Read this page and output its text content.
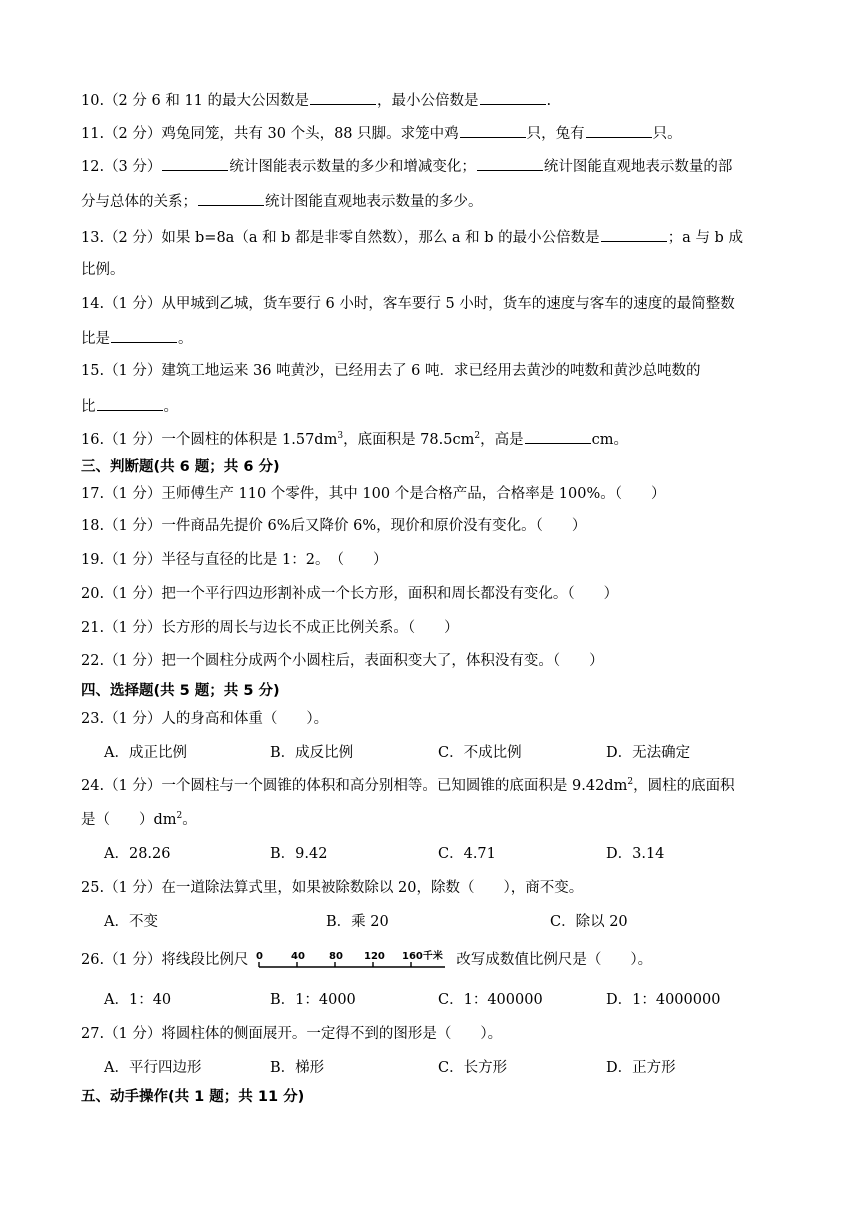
10.（2 分 6 和 11 的最大公因数是	，最小公倍数是	.
11.（2 分）鸡兔同笼，共有 30 个头，88 只脚。求笼中鸡	只，兔有	只。
12.（3 分）	统计图能表示数量的多少和增减变化；	统计图能直观地表示数量的部
分与总体的关系；	统计图能直观地表示数量的多少。
13.（2 分）如果 b=8a（a 和 b 都是非零自然数），那么 a 和 b 的最小公倍数是	；a 与 b 成
比例。
14.（1 分）从甲城到乙城，货车要行 6 小时，客车要行 5 小时，货车的速度与客车的速度的最简整数
比是	。
15.（1 分）建筑工地运来 36 吨黄沙，已经用去了 6 吨．求已经用去黄沙的吨数和黄沙总吨数的
比	。
16.（1 分）一个圆柱的体积是 $1.57dm^3$，底面积是 $78.5cm^2$，高是	cm。
三、判断题(共 6 题；共 6 分)
17.（1 分）王师傅生产 110 个零件，其中 100 个是合格产品，合格率是 100%。（　　）
18.（1 分）一件商品先提价 6%后又降价 6%，现价和原价没有变化。（　　）
19.（1 分）半径与直径的比是 1：2。　（　　）
20.（1 分）把一个平行四边形割补成一个长方形，面积和周长都没有变化。（　　）
21.（1 分）长方形的周长与边长不成正比例关系。（　　）
22.（1 分）把一个圆柱分成两个小圆柱后，表面积变大了，体积没有变。（　　）
四、选择题(共 5 题；共 5 分)
23.（1 分）人的身高和体重（　　）。
A．成正比例	B．成反比例	C．不成比例	D．无法确定
24.（1 分）一个圆柱与一个圆锥的体积和高分别相等。已知圆锥的底面积是 $9.42dm^2$，圆柱的底面积
是（　　）$dm^2$。
A．28.26	B．9.42	C．4.71	D．3.14
25.（1 分）在一道除法算式里，如果被除数除以 20，除数（　　），商不变。
A．不变	B．乘 20	C．除以 20
26.（1 分）将线段比例尺 0	40 80 120 160千米 改写成数值比例尺是（　　）。
A．1：40	B．1：4000	C．1：400000	D．1：4000000
27.（1 分）将圆柱体的侧面展开。一定得不到的图形是（　　）。
A．平行四边形	B．梯形	C．长方形	D．正方形
五、动手操作(共 1 题；共 11 分)
